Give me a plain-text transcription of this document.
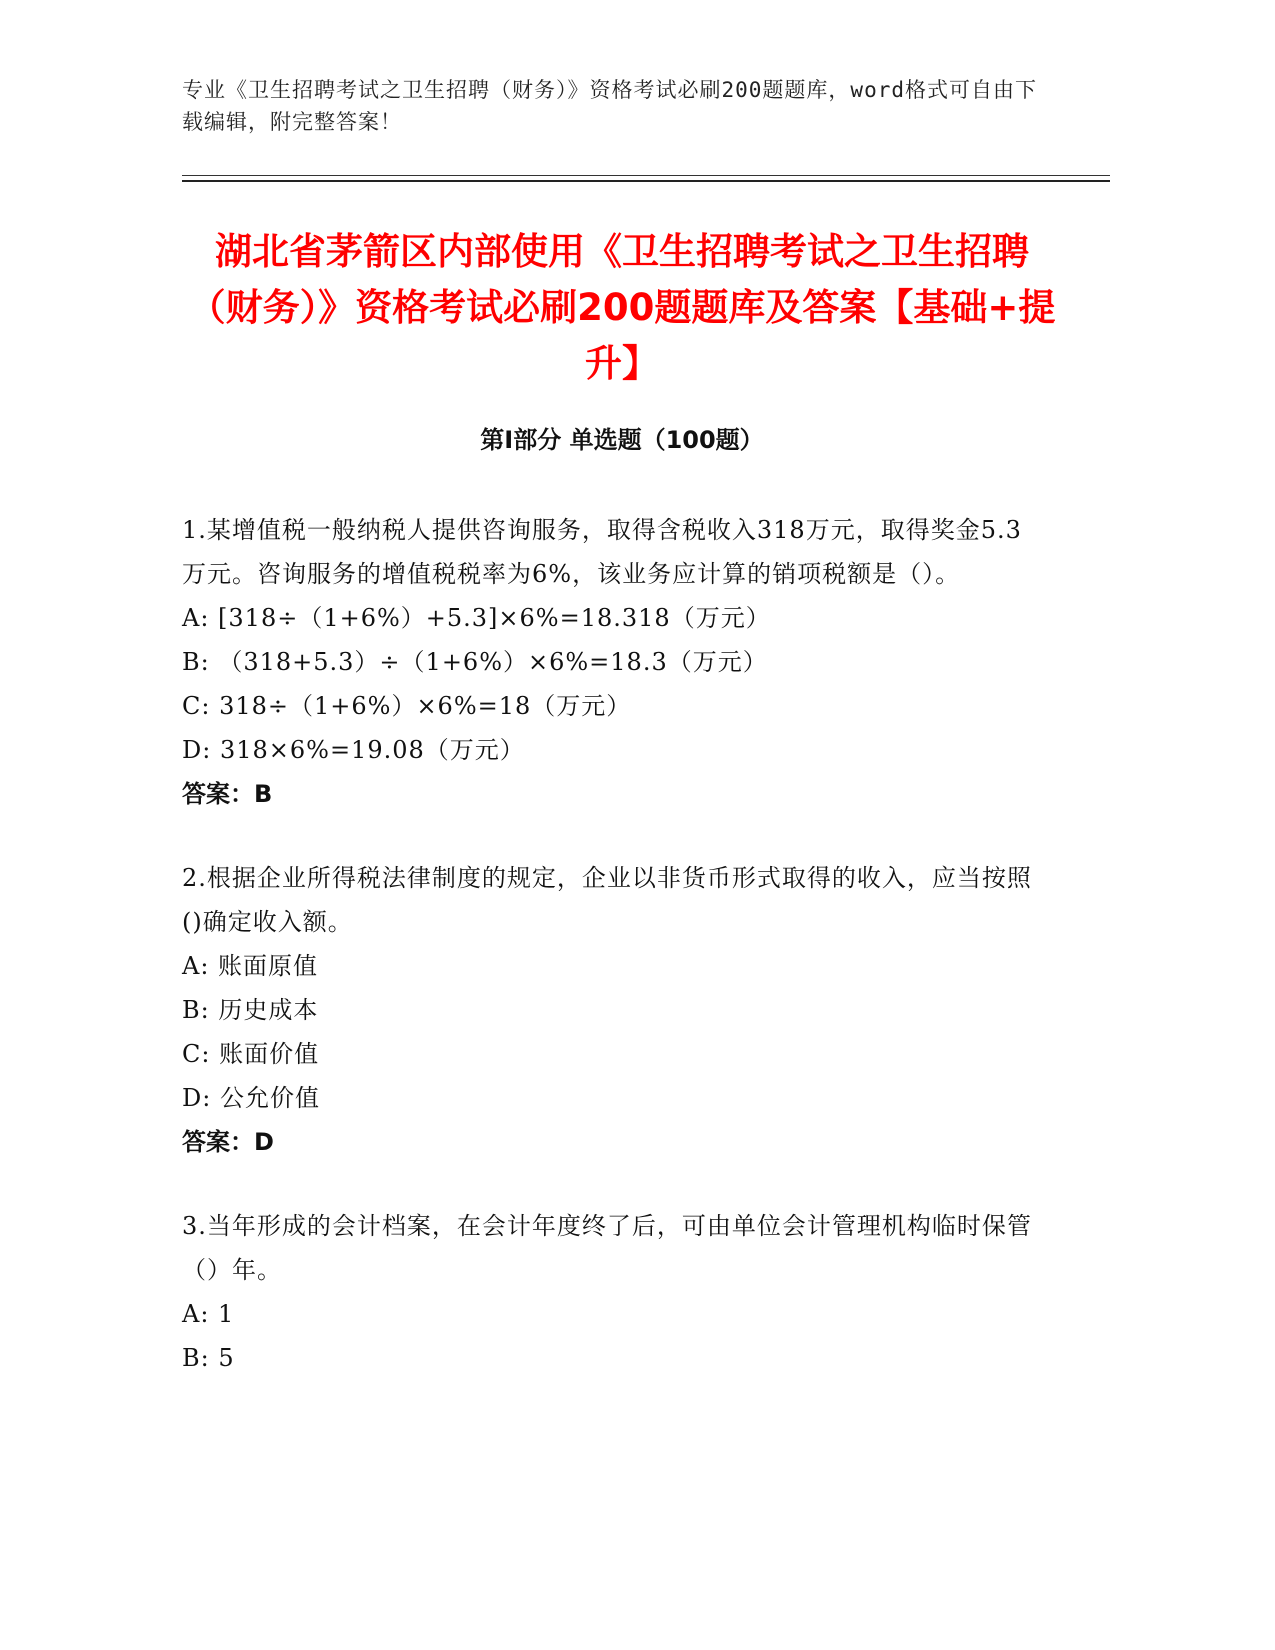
专业《卫生招聘考试之卫生招聘（财务）》资格考试必刷200题题库，word格式可自由下载编辑，附完整答案！
湖北省茅箭区内部使用《卫生招聘考试之卫生招聘（财务）》资格考试必刷200题题库及答案【基础+提升】
第Ⅰ部分 单选题（100题）

1.某增值税一般纳税人提供咨询服务，取得含税收入318万元，取得奖金5.3万元。咨询服务的增值税税率为6%，该业务应计算的销项税额是（）。

A: [318÷（1+6%）+5.3]×6%=18.318（万元）

B: （318+5.3）÷（1+6%）×6%=18.3（万元）

C: 318÷（1+6%）×6%=18（万元）

D: 318×6%=19.08（万元）

答案：B

2.根据企业所得税法律制度的规定，企业以非货币形式取得的收入，应当按照()确定收入额。

A: 账面原值

B: 历史成本

C: 账面价值

D: 公允价值

答案：D

3.当年形成的会计档案，在会计年度终了后，可由单位会计管理机构临时保管（）年。

A: 1

B: 5
